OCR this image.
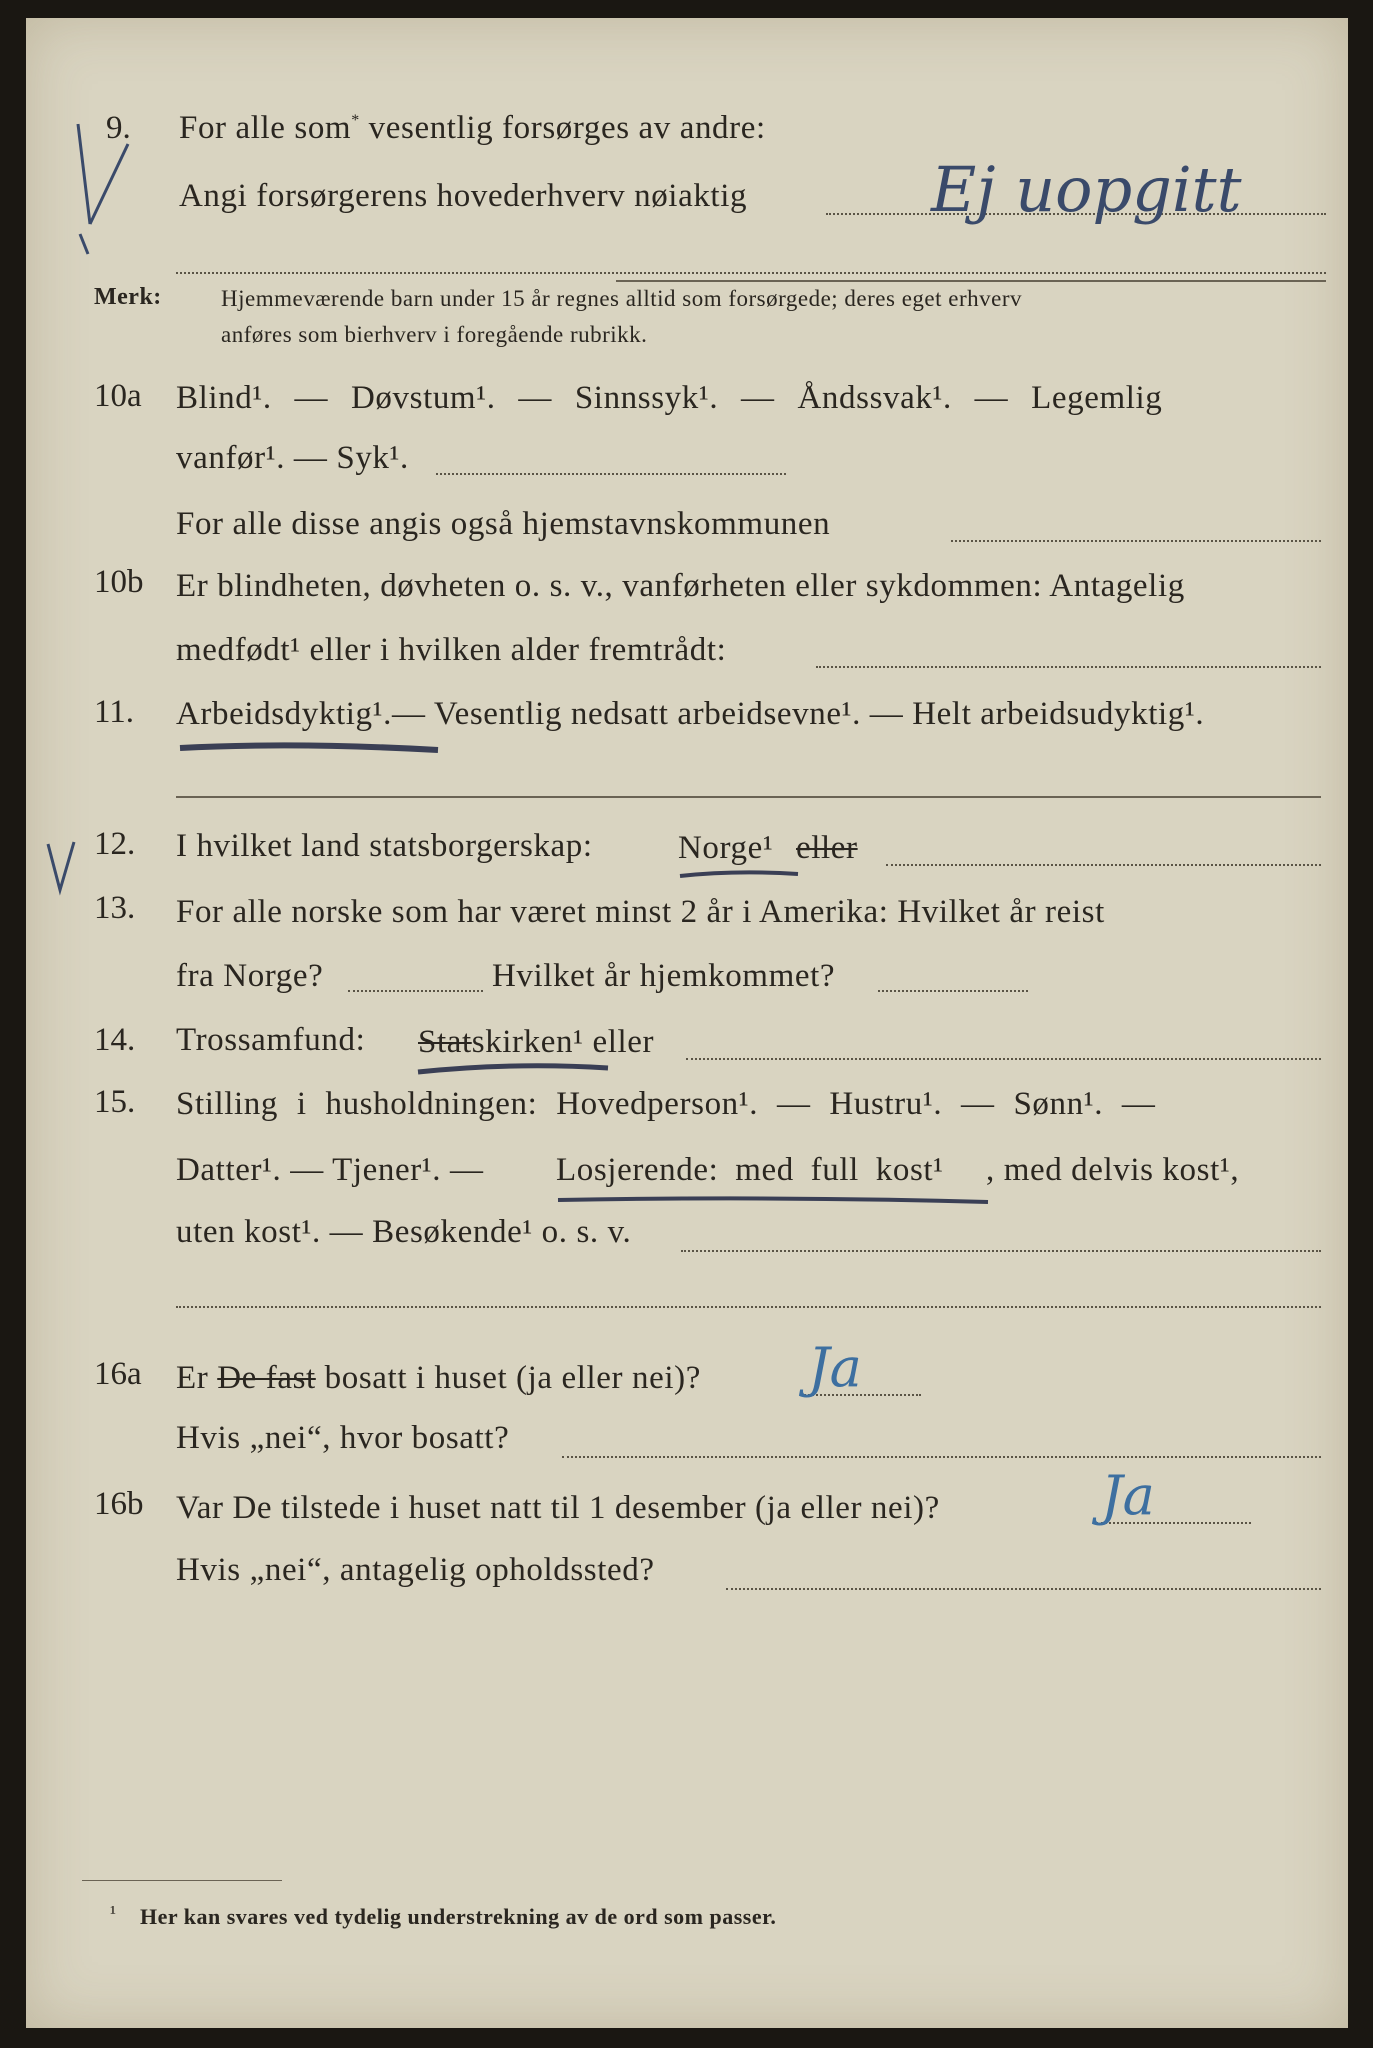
9. For alle som* vesentlig forsørges av andre:
Angi forsørgerens hovederhverv nøiaktig	Ej uopgitt
Merk:	Hjemmeværende barn under 15 år regnes alltid som forsørgede; deres eget erhverv
anføres som bierhverv i foregående rubrikk.
10a Blind¹. — Døvstum¹. — Sinnssyk¹. — Åndssvak¹. — Legemlig
vanfør¹. — Syk¹.
For alle disse angis også hjemstavnskommunen
10b Er blindheten, døvheten o. s. v., vanførheten eller sykdommen: Antagelig
medfødt¹ eller i hvilken alder fremtrådt:
11. Arbeidsdyktig¹.— Vesentlig nedsatt arbeidsevne¹. — Helt arbeidsudyktig¹.
12. I hvilket land statsborgerskap:	Norge¹ eller
13. For alle norske som har været minst 2 år i Amerika: Hvilket år reist
fra Norge?	Hvilket år hjemkommet?
14. Trossamfund: Statskirken¹ eller
15. Stilling i husholdningen: Hovedperson¹. — Hustru¹. — Sønn¹. —
Datter¹. — Tjener¹. — Losjerende: med full kost¹ , med delvis kost¹,
uten kost¹. — Besøkende¹ o. s. v.
16a Er De fast bosatt i huset (ja eller nei)? Ja
Hvis „nei“, hvor bosatt?
16b Var De tilstede i huset natt til 1 desember (ja eller nei)?	Ja
Hvis „nei“, antagelig opholdssted?
¹ Her kan svares ved tydelig understrekning av de ord som passer.
